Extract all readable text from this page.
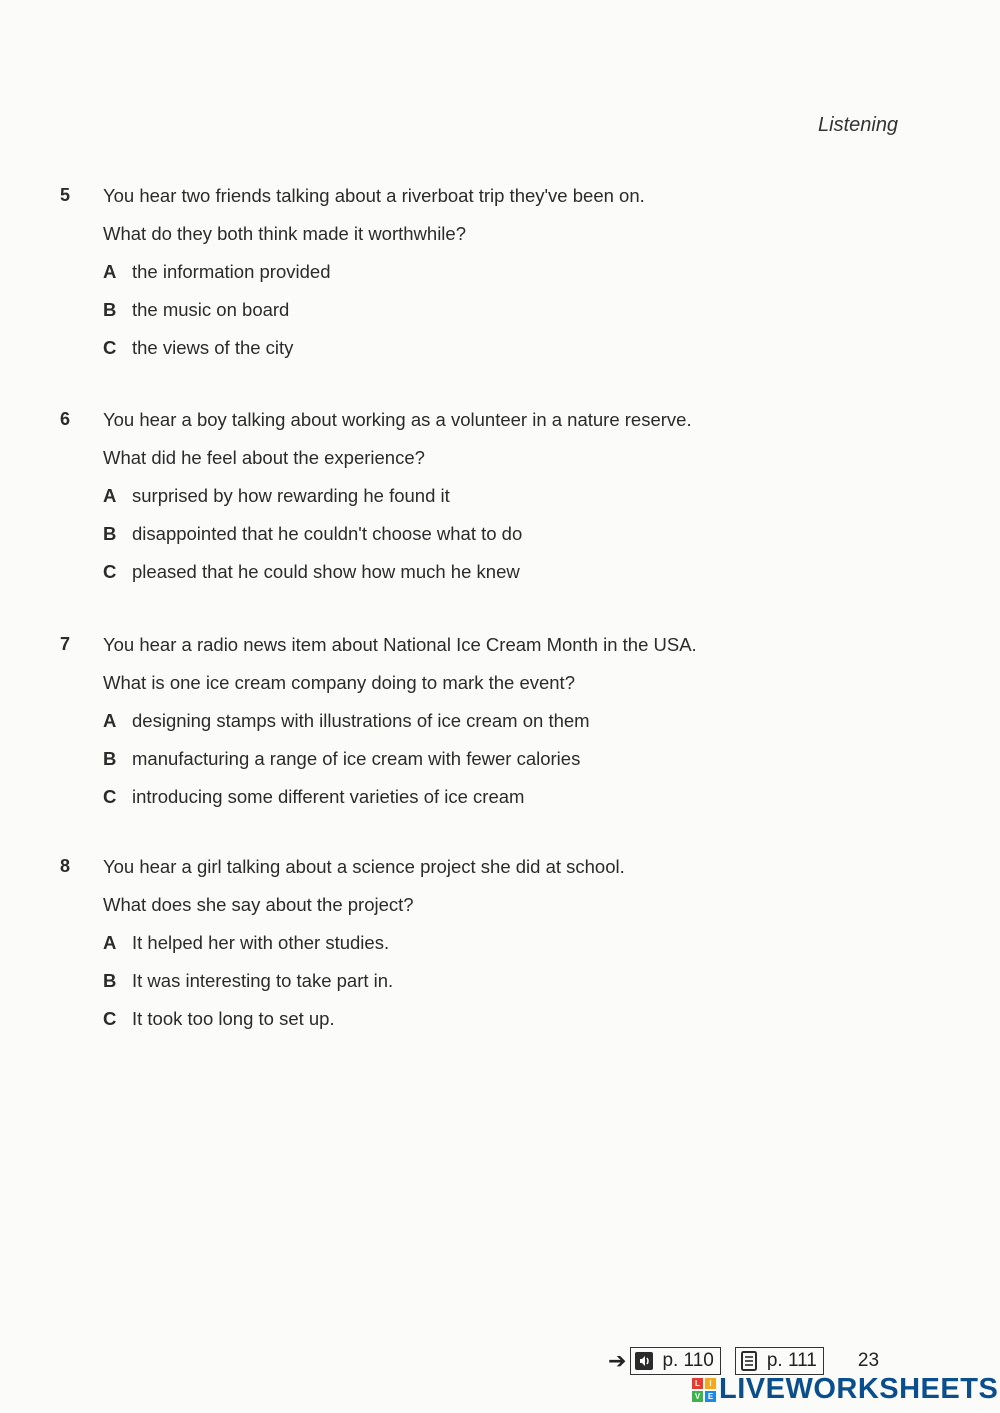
Listening
5	You hear two friends talking about a riverboat trip they've been on.
What do they both think made it worthwhile?
A the information provided
B the music on board
C the views of the city
6	You hear a boy talking about working as a volunteer in a nature reserve.
What did he feel about the experience?
A surprised by how rewarding he found it
B disappointed that he couldn't choose what to do
C pleased that he could show how much he knew
7	You hear a radio news item about National Ice Cream Month in the USA.
What is one ice cream company doing to mark the event?
A designing stamps with illustrations of ice cream on them
B manufacturing a range of ice cream with fewer calories
C introducing some different varieties of ice cream
8	You hear a girl talking about a science project she did at school.
What does she say about the project?
A It helped her with other studies.
B It was interesting to take part in.
C It took too long to set up.
➔ p. 110	p. 111 23
L	I
V E LIVEWORKSHEETS
